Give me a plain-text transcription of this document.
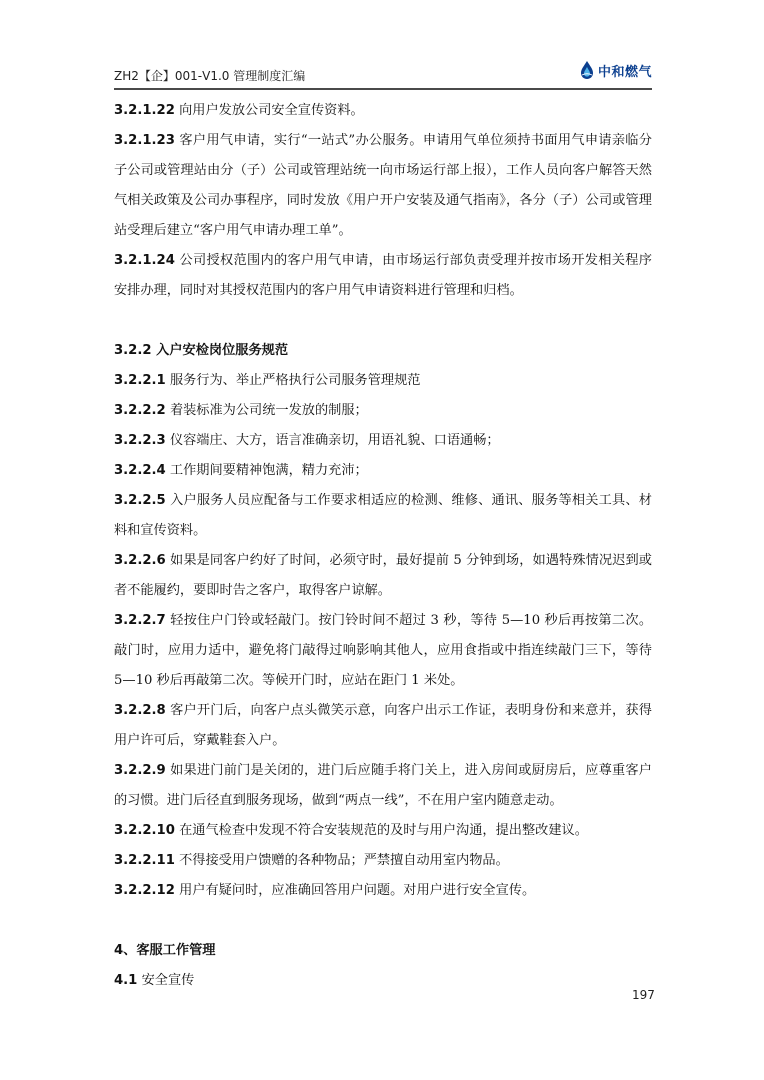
ZH2【企】001-V1.0 管理制度汇编	中和燃气

3.2.1.22 向用户发放公司安全宣传资料。

3.2.1.23 客户用气申请，实行“一站式”办公服务。申请用气单位须持书面用气申请亲临分子公司或管理站由分（子）公司或管理站统一向市场运行部上报），工作人员向客户解答天然气相关政策及公司办事程序，同时发放《用户开户安装及通气指南》，各分（子）公司或管理站受理后建立“客户用气申请办理工单”。

3.2.1.24 公司授权范围内的客户用气申请，由市场运行部负责受理并按市场开发相关程序安排办理，同时对其授权范围内的客户用气申请资料进行管理和归档。

3.2.2 入户安检岗位服务规范

3.2.2.1 服务行为、举止严格执行公司服务管理规范

3.2.2.2 着装标准为公司统一发放的制服；

3.2.2.3 仪容端庄、大方，语言准确亲切，用语礼貌、口语通畅；

3.2.2.4 工作期间要精神饱满，精力充沛；

3.2.2.5 入户服务人员应配备与工作要求相适应的检测、维修、通讯、服务等相关工具、材料和宣传资料。

3.2.2.6 如果是同客户约好了时间，必须守时，最好提前 5 分钟到场，如遇特殊情况迟到或者不能履约，要即时告之客户，取得客户谅解。

3.2.2.7 轻按住户门铃或轻敲门。按门铃时间不超过 3 秒，等待 5—10 秒后再按第二次。敲门时，应用力适中，避免将门敲得过响影响其他人，应用食指或中指连续敲门三下，等待 5—10 秒后再敲第二次。等候开门时，应站在距门 1 米处。

3.2.2.8 客户开门后，向客户点头微笑示意，向客户出示工作证，表明身份和来意并，获得用户许可后，穿戴鞋套入户。

3.2.2.9 如果进门前门是关闭的，进门后应随手将门关上，进入房间或厨房后，应尊重客户的习惯。进门后径直到服务现场，做到“两点一线”，不在用户室内随意走动。

3.2.2.10 在通气检查中发现不符合安装规范的及时与用户沟通，提出整改建议。

3.2.2.11 不得接受用户馈赠的各种物品；严禁擅自动用室内物品。

3.2.2.12 用户有疑问时，应准确回答用户问题。对用户进行安全宣传。

4、客服工作管理

4.1 安全宣传

197
